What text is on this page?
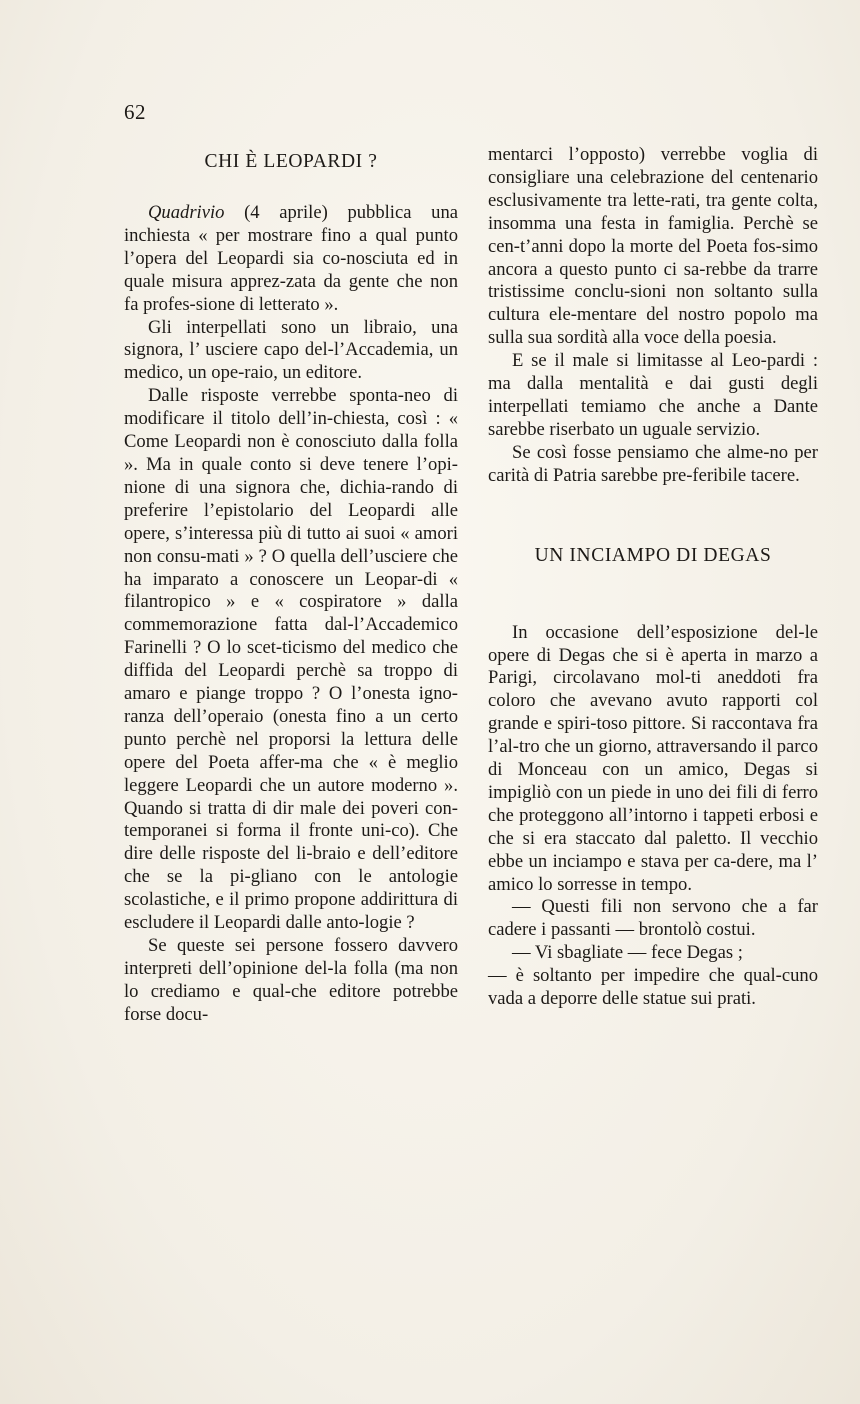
62
CHI È LEOPARDI ?

Quadrivio (4 aprile) pubblica una inchiesta « per mostrare fino a qual punto l’opera del Leopardi sia co-nosciuta ed in quale misura apprez-zata da gente che non fa profes-sione di letterato ».

Gli interpellati sono un libraio, una signora, l’ usciere capo del-l’Accademia, un medico, un ope-raio, un editore.

Dalle risposte verrebbe sponta-neo di modificare il titolo dell’in-chiesta, così : « Come Leopardi non è conosciuto dalla folla ». Ma in quale conto si deve tenere l’opi-nione di una signora che, dichia-rando di preferire l’epistolario del Leopardi alle opere, s’interessa più di tutto ai suoi « amori non consu-mati » ? O quella dell’usciere che ha imparato a conoscere un Leopar-di « filantropico » e « cospiratore » dalla commemorazione fatta dal-l’Accademico Farinelli ? O lo scet-ticismo del medico che diffida del Leopardi perchè sa troppo di amaro e piange troppo ? O l’onesta igno-ranza dell’operaio (onesta fino a un certo punto perchè nel proporsi la lettura delle opere del Poeta affer-ma che « è meglio leggere Leopardi che un autore moderno ». Quando si tratta di dir male dei poveri con-temporanei si forma il fronte uni-co). Che dire delle risposte del li-braio e dell’editore che se la pi-gliano con le antologie scolastiche, e il primo propone addirittura di escludere il Leopardi dalle anto-logie ?

Se queste sei persone fossero davvero interpreti dell’opinione del-la folla (ma non lo crediamo e qual-che editore potrebbe forse docu-

mentarci l’opposto) verrebbe voglia di consigliare una celebrazione del centenario esclusivamente tra lette-rati, tra gente colta, insomma una festa in famiglia. Perchè se cen-t’anni dopo la morte del Poeta fos-simo ancora a questo punto ci sa-rebbe da trarre tristissime conclu-sioni non soltanto sulla cultura ele-mentare del nostro popolo ma sulla sua sordità alla voce della poesia.

E se il male si limitasse al Leo-pardi : ma dalla mentalità e dai gusti degli interpellati temiamo che anche a Dante sarebbe riserbato un uguale servizio.

Se così fosse pensiamo che almе-no per carità di Patria sarebbe pre-feribile tacere.

UN INCIAMPO DI DEGAS

In occasione dell’esposizione del-le opere di Degas che si è aperta in marzo a Parigi, circolavano mol-ti aneddoti fra coloro che avevano avuto rapporti col grande e spiri-toso pittore. Si raccontava fra l’al-tro che un giorno, attraversando il parco di Monceau con un amico, Degas si impigliò con un piede in uno dei fili di ferro che proteggono all’intorno i tappeti erbosi e che si era staccato dal paletto. Il vecchio ebbe un inciampo e stava per ca-dere, ma l’ amico lo sorresse in tempo.

— Questi fili non servono che a far cadere i passanti — brontolò costui.

— Vi sbagliate — fece Degas ;

— è soltanto per impedire che qual-cuno vada a deporre delle statue sui prati.
